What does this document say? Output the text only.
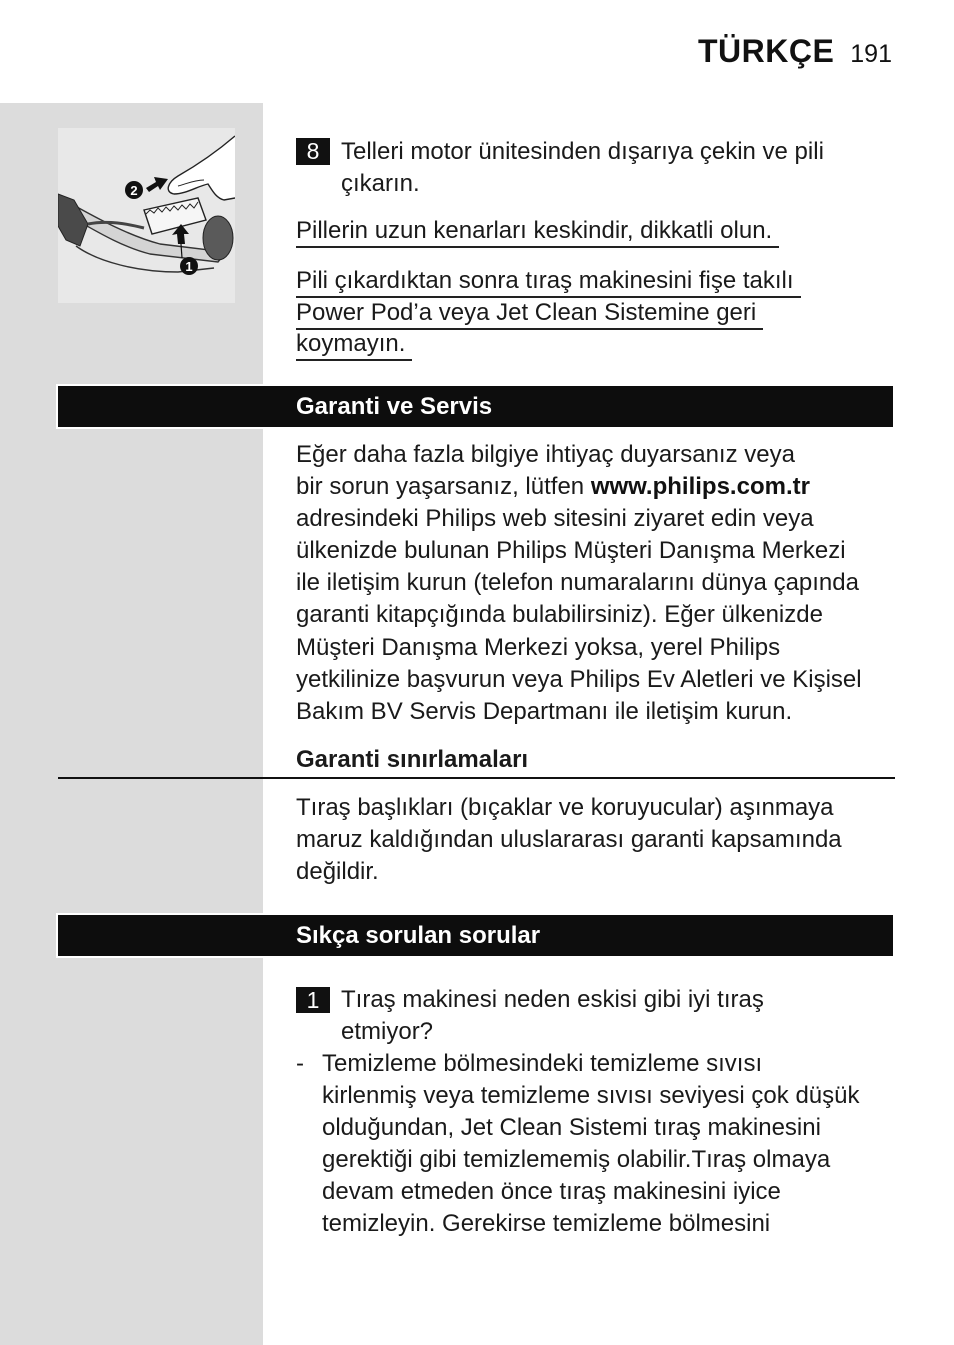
TÜRKÇE 191
2
1
8 Telleri motor ünitesinden dışarıya çekin ve pili
çıkarın.
Pillerin uzun kenarları keskindir, dikkatli olun.
Pili çıkardıktan sonra tıraş makinesini fişe takılı
Power Pod’a veya Jet Clean Sistemine geri
koymayın.
Garanti ve Servis
Eğer daha fazla bilgiye ihtiyaç duyarsanız veya
bir sorun yaşarsanız, lütfen www.philips.com.tr
adresindeki Philips web sitesini ziyaret edin veya
ülkenizde bulunan Philips Müşteri Danışma Merkezi
ile iletişim kurun (telefon numaralarını dünya çapında
garanti kitapçığında bulabilirsiniz). Eğer ülkenizde
Müşteri Danışma Merkezi yoksa, yerel Philips
yetkilinize başvurun veya Philips Ev Aletleri ve Kişisel
Bakım BV Servis Departmanı ile iletişim kurun.
Garanti sınırlamaları
Tıraş başlıkları (bıçaklar ve koruyucular) aşınmaya
maruz kaldığından uluslararası garanti kapsamında
değildir.
Sıkça sorulan sorular
1 Tıraş makinesi neden eskisi gibi iyi tıraş
etmiyor?
- Temizleme bölmesindeki temizleme sıvısı
kirlenmiş veya temizleme sıvısı seviyesi çok düşük
olduğundan, Jet Clean Sistemi tıraş makinesini
gerektiği gibi temizlememiş olabilir.Tıraş olmaya
devam etmeden önce tıraş makinesini iyice
temizleyin. Gerekirse temizleme bölmesini
